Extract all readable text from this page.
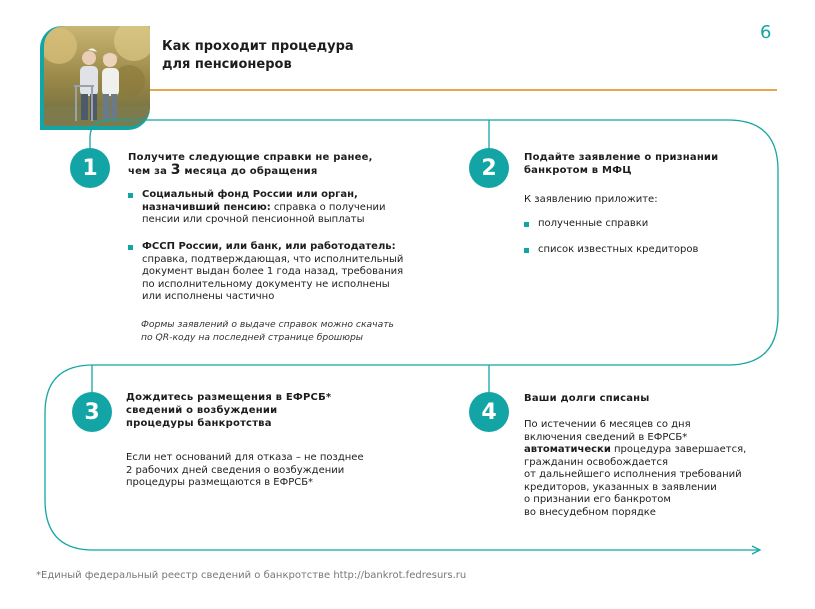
Как проходит процедура
для пенсионеров
6
1	Получите следующие справки не ранее,
чем за 3 месяца до обращения
Социальный фонд России или орган,
назначивший пенсию: справка о получении
пенсии или срочной пенсионной выплаты
ФССП России, или банк, или работодатель:
справка, подтверждающая, что исполнительный
документ выдан более 1 года назад, требования
по исполнительному документу не исполнены
или исполнены частично
Формы заявлений о выдаче справок можно скачать
по QR-коду на последней странице брошюры
2	Подайте заявление о признании
банкротом в МФЦ
К заявлению приложите:
полученные справки
список известных кредиторов
3
Дождитесь размещения в ЕФРСБ*
сведений о возбуждении
процедуры банкротства
Если нет оснований для отказа – не позднее
2 рабочих дней сведения о возбуждении
процедуры размещаются в ЕФРСБ*
4
Ваши долги списаны
По истечении 6 месяцев со дня
включения сведений в ЕФРСБ*
автоматически процедура завершается,
гражданин освобождается
от дальнейшего исполнения требований
кредиторов, указанных в заявлении
о признании его банкротом
во внесудебном порядке
*Единый федеральный реестр сведений о банкротстве http://bankrot.fedresurs.ru
